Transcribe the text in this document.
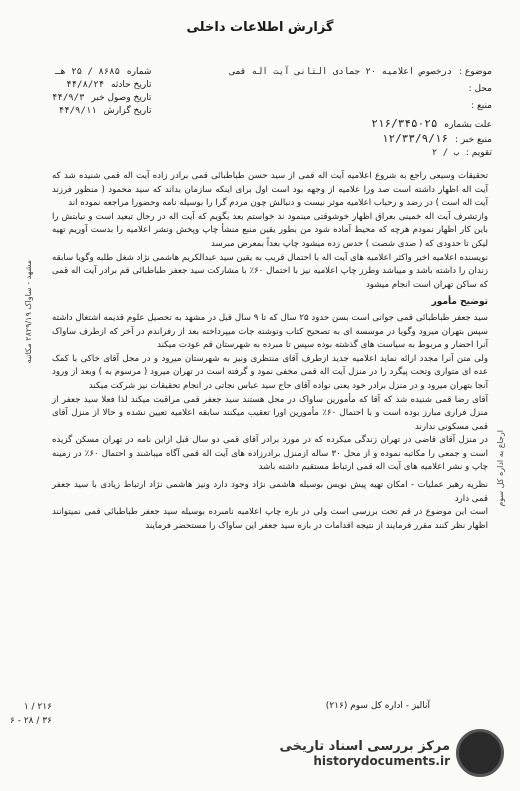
گزارش اطلاعات داخلی
موضوع : درخصوص اعلامیه ۲۰ جمادی الثانی آیت اله قمی
محل :
منبع :
علت بشماره ۲۱۶/۳۴۵۰۲۵
منبع خبر : ۱۲/۳۳/۹/۱۶
تقویم : ب / ۲
شماره ۸۶۸۵ / ۲۵ هـ
تاریخ حادثه ۴۴/۸/۲۴
تاریخ وصول خبر ۴۴/۹/۳
تاریخ گزارش ۴۴/۹/۱۱

تحقیقات وسیعی راجع به شروع اعلامیه آیت اله قمی از سید حسن طباطبائی قمی برادر زاده آیت اله قمی شنیده شد که آیت اله اظهار داشته است صد ورا علامیه از وجهه بود است اول برای اینکه سازمان بداند که سید محمود ( منظور فرزند آیت اله است ) در رضد و رحباب اعلامیه موثر نیست و دنبالش چون مردم گرا را بوسیله نامه وحضورا مراجعه نموده اند

وازتشرف آیت اله خمینی بعراق اظهار خوشوقتی مینمود ند خواستم بعد بگویم که آیت اله در رحال تبعید است و نیابتش را باین کار اظهار نمودم هرچه که محیط آماده شود من بطور یقین منبع منشأ چاپ وپخش ونشر اعلامیه را بدست آوریم تهیه لیکن تا حدودی که ( صدی شصت ) حدس زده میشود چاپ بعداً بمعرض مبرسد

نویسنده اعلامیه اخیر واکثر اعلامیه های آیت اله با احتمال قریب به یقین سید عبدالکریم هاشمی نژاد شغل طلبه وگویا سابقه زندان را داشته باشد و میباشد وطرز چاپ اعلامیه نیز با احتمال ۶۰٪ با مشارکت سید جعفر طباطبائی قم برادر آیت اله قمی که ساکن تهران است انجام میشود

توضیح مأمور

سید جعفر طباطبائی قمی جوانی است بسن حدود ۲۵ سال که تا ۹ سال قبل در مشهد به تحصیل علوم قدیمه اشتغال داشته سپس بتهران میرود وگویا در موسسه ای به تصحیح کتاب ونوشته جات میپرداخته بعد از رفراندم در آخر که ازطرف ساواک آنرا احضار و مربوط به سیاست های گذشته بوده سپس تا مبرده به شهرستان قم عودت میکند

ولی متن آنرا مجدد ارائه نماید اعلامیه جدید ازطرف آقای منتظری ونیز به شهرستان میرود و در محل آقای خاکی با کمک عده ای متواری وتحت پیگرد را در منزل آیت اله قمی مخفی نمود و گرفته است در تهران میرود ( مرسوم به ) وبعد از ورود آنجا بتهران میرود و در منزل برادر خود یعنی نواده آقای حاج سید عباس نجاتی در انجام تحقیقات نیز شرکت میکند

آقای رضا قمی شنیده شد که آقا که مأمورین ساواک در محل هستند سید جعفر قمی مراقبت میکند لذا فعلا سید جعفر از منزل فراری مبارز بوده است و با احتمال ۶۰٪ مأمورین اورا تعقیب میکنند سابقه اعلامیه تعیین نشده و حالا از منزل آقای قمی مسکونی ندارند

در منزل آقای قاضی در تهران زندگی میکرده که در مورد برادر آقای قمی دو سال قبل ازاین نامه در تهران مسکن گزیده است و جمعی را مکاتبه نموده و از محل ۳۰ ساله ازمنزل برادرزاده های آیت اله قمی آگاه میباشند و احتمال ۶۰٪ در زمینه چاپ و نشر اعلامیه های آیت اله قمی ارتباط مستقیم داشته باشد

نظریه رهبر عملیات - امکان تهیه پیش نویس بوسیله هاشمی نژاد وجود دارد ونیز هاشمی نژاد ارتباط زیادی با سید جعفر قمی دارد

است این موضوع در قم تحت بررسی است ولی در باره چاپ اعلامیه نامبرده بوسیله سید جعفر طباطبائی قمی نمیتوانند اظهار نظر کنند مقرر فرمایند از نتیجه اقدامات در باره سید جعفر این ساواک را مستحضر فرمایند

مشهد - ساواک ۲۸۲۹/۱۹ مکاتبه
ارجاع به اداره کل سوم
آنالیز - اداره کل سوم (۲۱۶)
۲۱۶ / ۱
۳۶ / ۲۸ - ۶
مرکز بررسی اسناد تاریخی
historydocuments.ir
